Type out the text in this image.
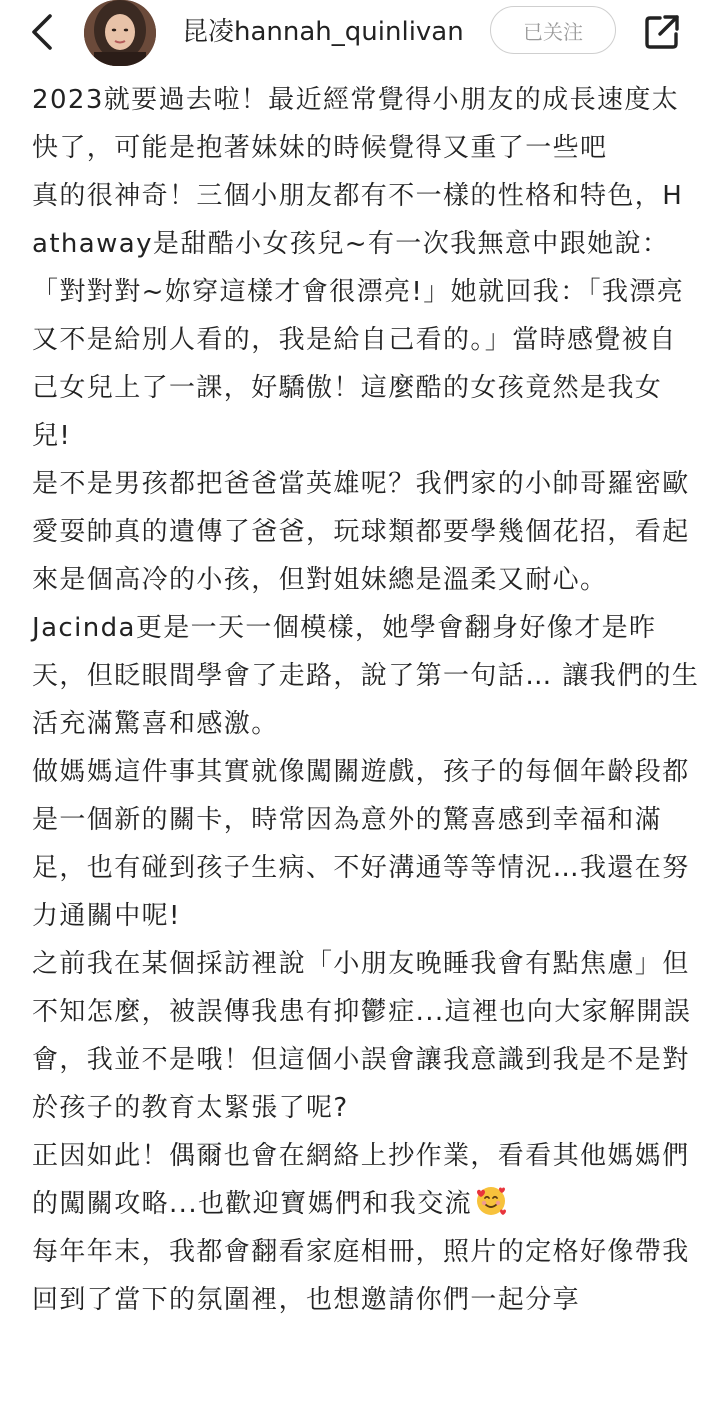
昆凌hannah_quinlivan	已关注

2023就要過去啦！最近經常覺得小朋友的成長速度太快了，可能是抱著妹妹的時候覺得又重了一些吧

真的很神奇！三個小朋友都有不一樣的性格和特色，Hathaway是甜酷小女孩兒~有一次我無意中跟她說：「對對對~妳穿這樣才會很漂亮!」她就回我：「我漂亮又不是給別人看的，我是給自己看的。」當時感覺被自己女兒上了一課，好驕傲！這麼酷的女孩竟然是我女兒!

是不是男孩都把爸爸當英雄呢？我們家的小帥哥羅密歐愛耍帥真的遺傳了爸爸，玩球類都要學幾個花招，看起來是個高冷的小孩，但對姐妹總是溫柔又耐心。

Jacinda更是一天一個模樣，她學會翻身好像才是昨天，但眨眼間學會了走路，說了第一句話… 讓我們的生活充滿驚喜和感激。

做媽媽這件事其實就像闖關遊戲，孩子的每個年齡段都是一個新的關卡，時常因為意外的驚喜感到幸福和滿足，也有碰到孩子生病、不好溝通等等情況…我還在努力通關中呢!

之前我在某個採訪裡說「小朋友晚睡我會有點焦慮」但不知怎麼，被誤傳我患有抑鬱症...這裡也向大家解開誤會，我並不是哦！但這個小誤會讓我意識到我是不是對於孩子的教育太緊張了呢?

正因如此！偶爾也會在網絡上抄作業，看看其他媽媽們的闖關攻略...也歡迎寶媽們和我交流

每年年末，我都會翻看家庭相冊，照片的定格好像帶我回到了當下的氛圍裡，也想邀請你們一起分享
